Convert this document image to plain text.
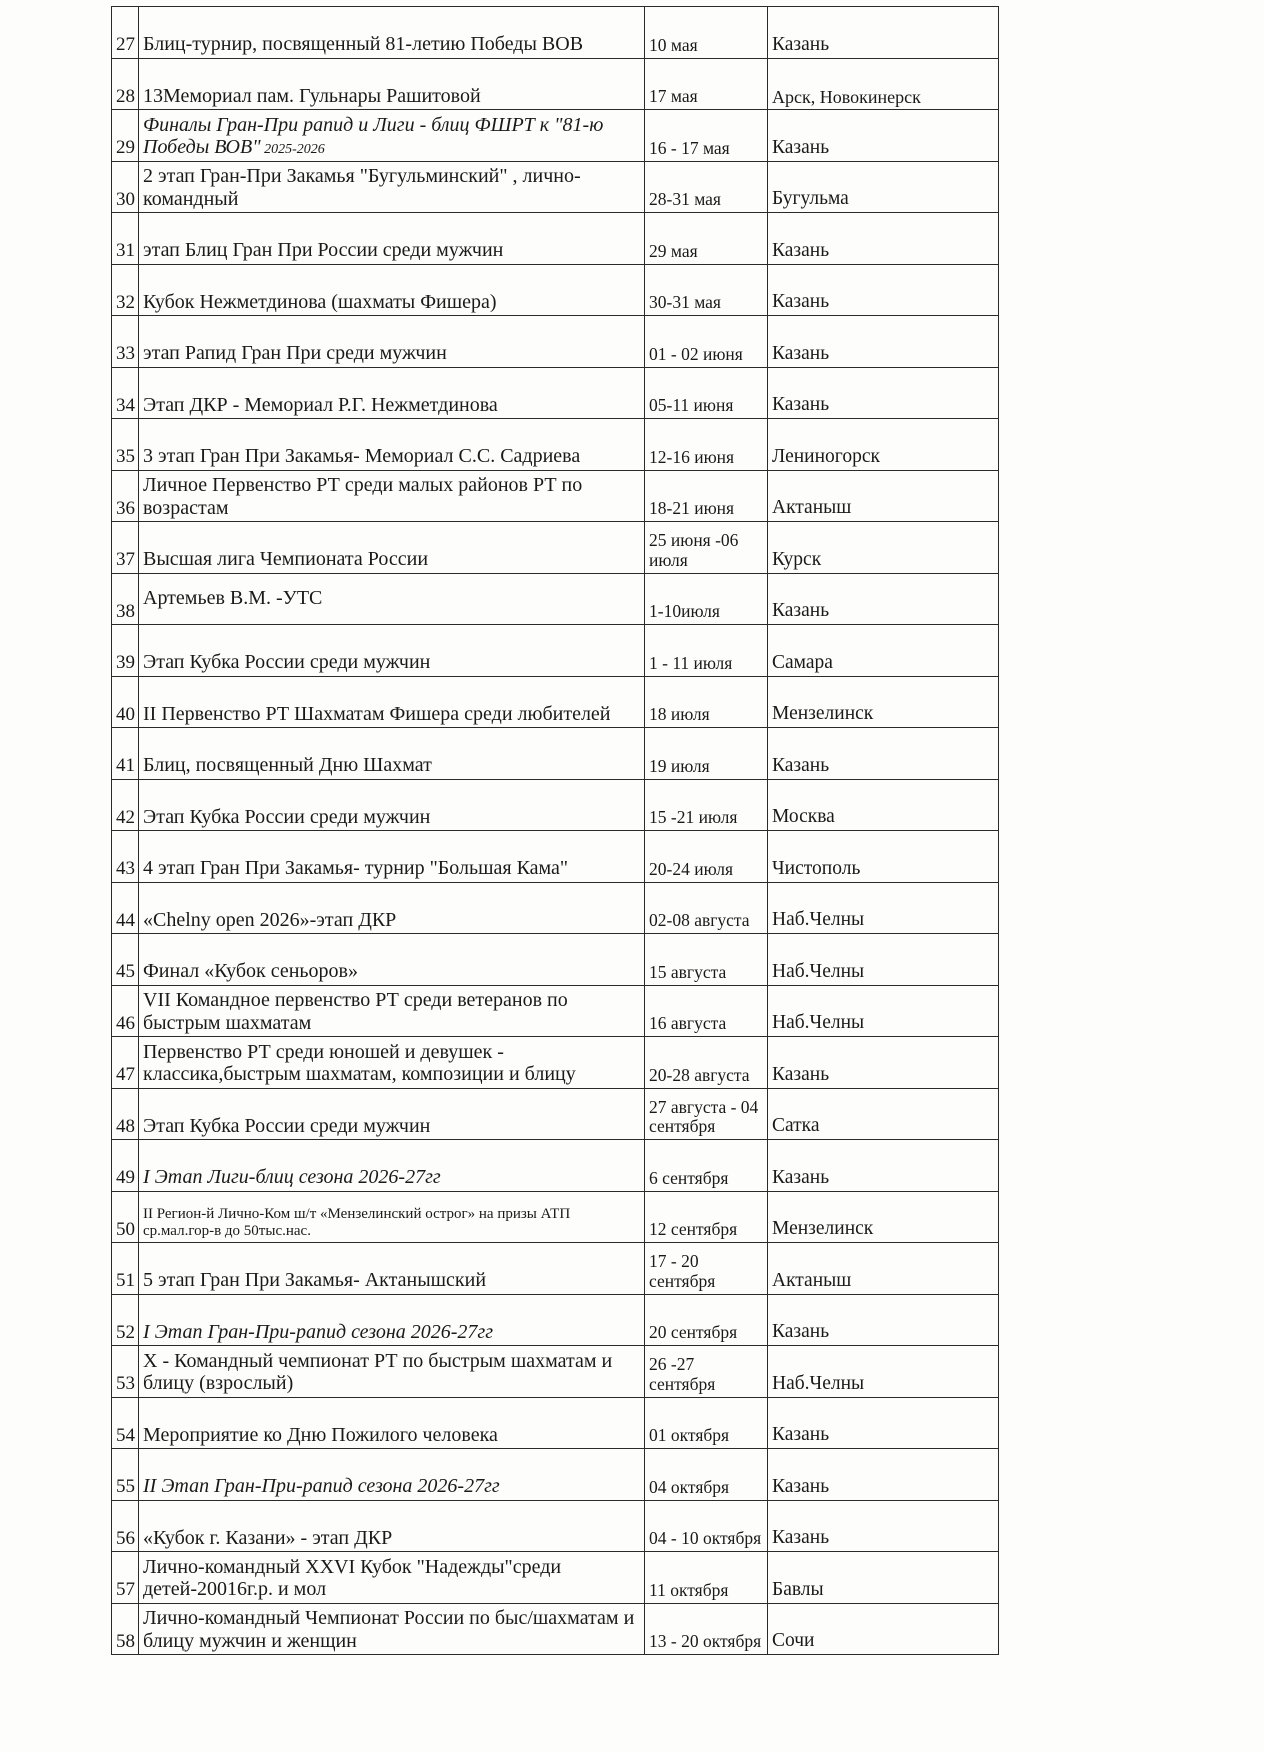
27	Блиц-турнир, посвященный 81-летию Победы ВОВ	10 мая	Казань
28	13Мемориал пам. Гульнары Рашитовой	17 мая	Арск, Новокинерск
29	Финалы Гран-При рапид и Лиги - блиц ФШРТ к "81-ю Победы ВОВ" 2025-2026	16 - 17 мая	Казань
30	2 этап Гран-При Закамья "Бугульминский" , лично-командный	28-31 мая	Бугульма
31	этап Блиц Гран При России среди мужчин	29 мая	Казань
32	Кубок Нежметдинова (шахматы Фишера)	30-31 мая	Казань
33	этап Рапид Гран При среди мужчин	01 - 02 июня	Казань
34	Этап ДКР - Мемориал Р.Г. Нежметдинова	05-11 июня	Казань
35	3 этап Гран При Закамья- Мемориал С.С. Садриева	12-16 июня	Лениногорск
36	Личное Первенство РТ среди малых районов РТ по возрастам	18-21 июня	Актаныш
37	Высшая лига Чемпионата России	25 июня -06 июля	Курск
38	Артемьев В.М. -УТС	1-10июля	Казань
39	Этап Кубка России среди мужчин	1 - 11 июля	Самара
40	II Первенство РТ Шахматам Фишера среди любителей	18 июля	Мензелинск
41	Блиц, посвященный Дню Шахмат	19 июля	Казань
42	Этап Кубка России среди мужчин	15 -21 июля	Москва
43	4 этап Гран При Закамья- турнир "Большая Кама"	20-24 июля	Чистополь
44	«Chelny open 2026»-этап ДКР	02-08 августа	Наб.Челны
45	Финал «Кубок сеньоров»	15 августа	Наб.Челны
46	VII Командное первенство РТ среди ветеранов по быстрым шахматам	16 августа	Наб.Челны
47	Первенство РТ среди юношей и девушек - классика,быстрым шахматам, композиции и блицу	20-28 августа	Казань
48	Этап Кубка России среди мужчин	27 августа - 04 сентября	Сатка
49	I Этап Лиги-блиц сезона 2026-27гг	6 сентября	Казань
50	II Регион-й Лично-Ком ш/т «Мензелинский острог» на призы АТП ср.мал.гор-в до 50тыс.нас.	12 сентября	Мензелинск
51	5 этап Гран При Закамья- Актанышский	17 - 20 сентября	Актаныш
52	I Этап Гран-При-рапид сезона 2026-27гг	20 сентября	Казань
53	X - Командный чемпионат РТ по быстрым шахматам и блицу (взрослый)	26 -27 сентября	Наб.Челны
54	Мероприятие ко Дню Пожилого человека	01 октября	Казань
55	II Этап Гран-При-рапид сезона 2026-27гг	04 октября	Казань
56	«Кубок г. Казани» - этап ДКР	04 - 10 октября	Казань
57	Лично-командный XXVI Кубок "Надежды"среди детей-20016г.р. и мол	11 октября	Бавлы
58	Лично-командный Чемпионат России по быс/шахматам и блицу мужчин и женщин	13 - 20 октября	Сочи
